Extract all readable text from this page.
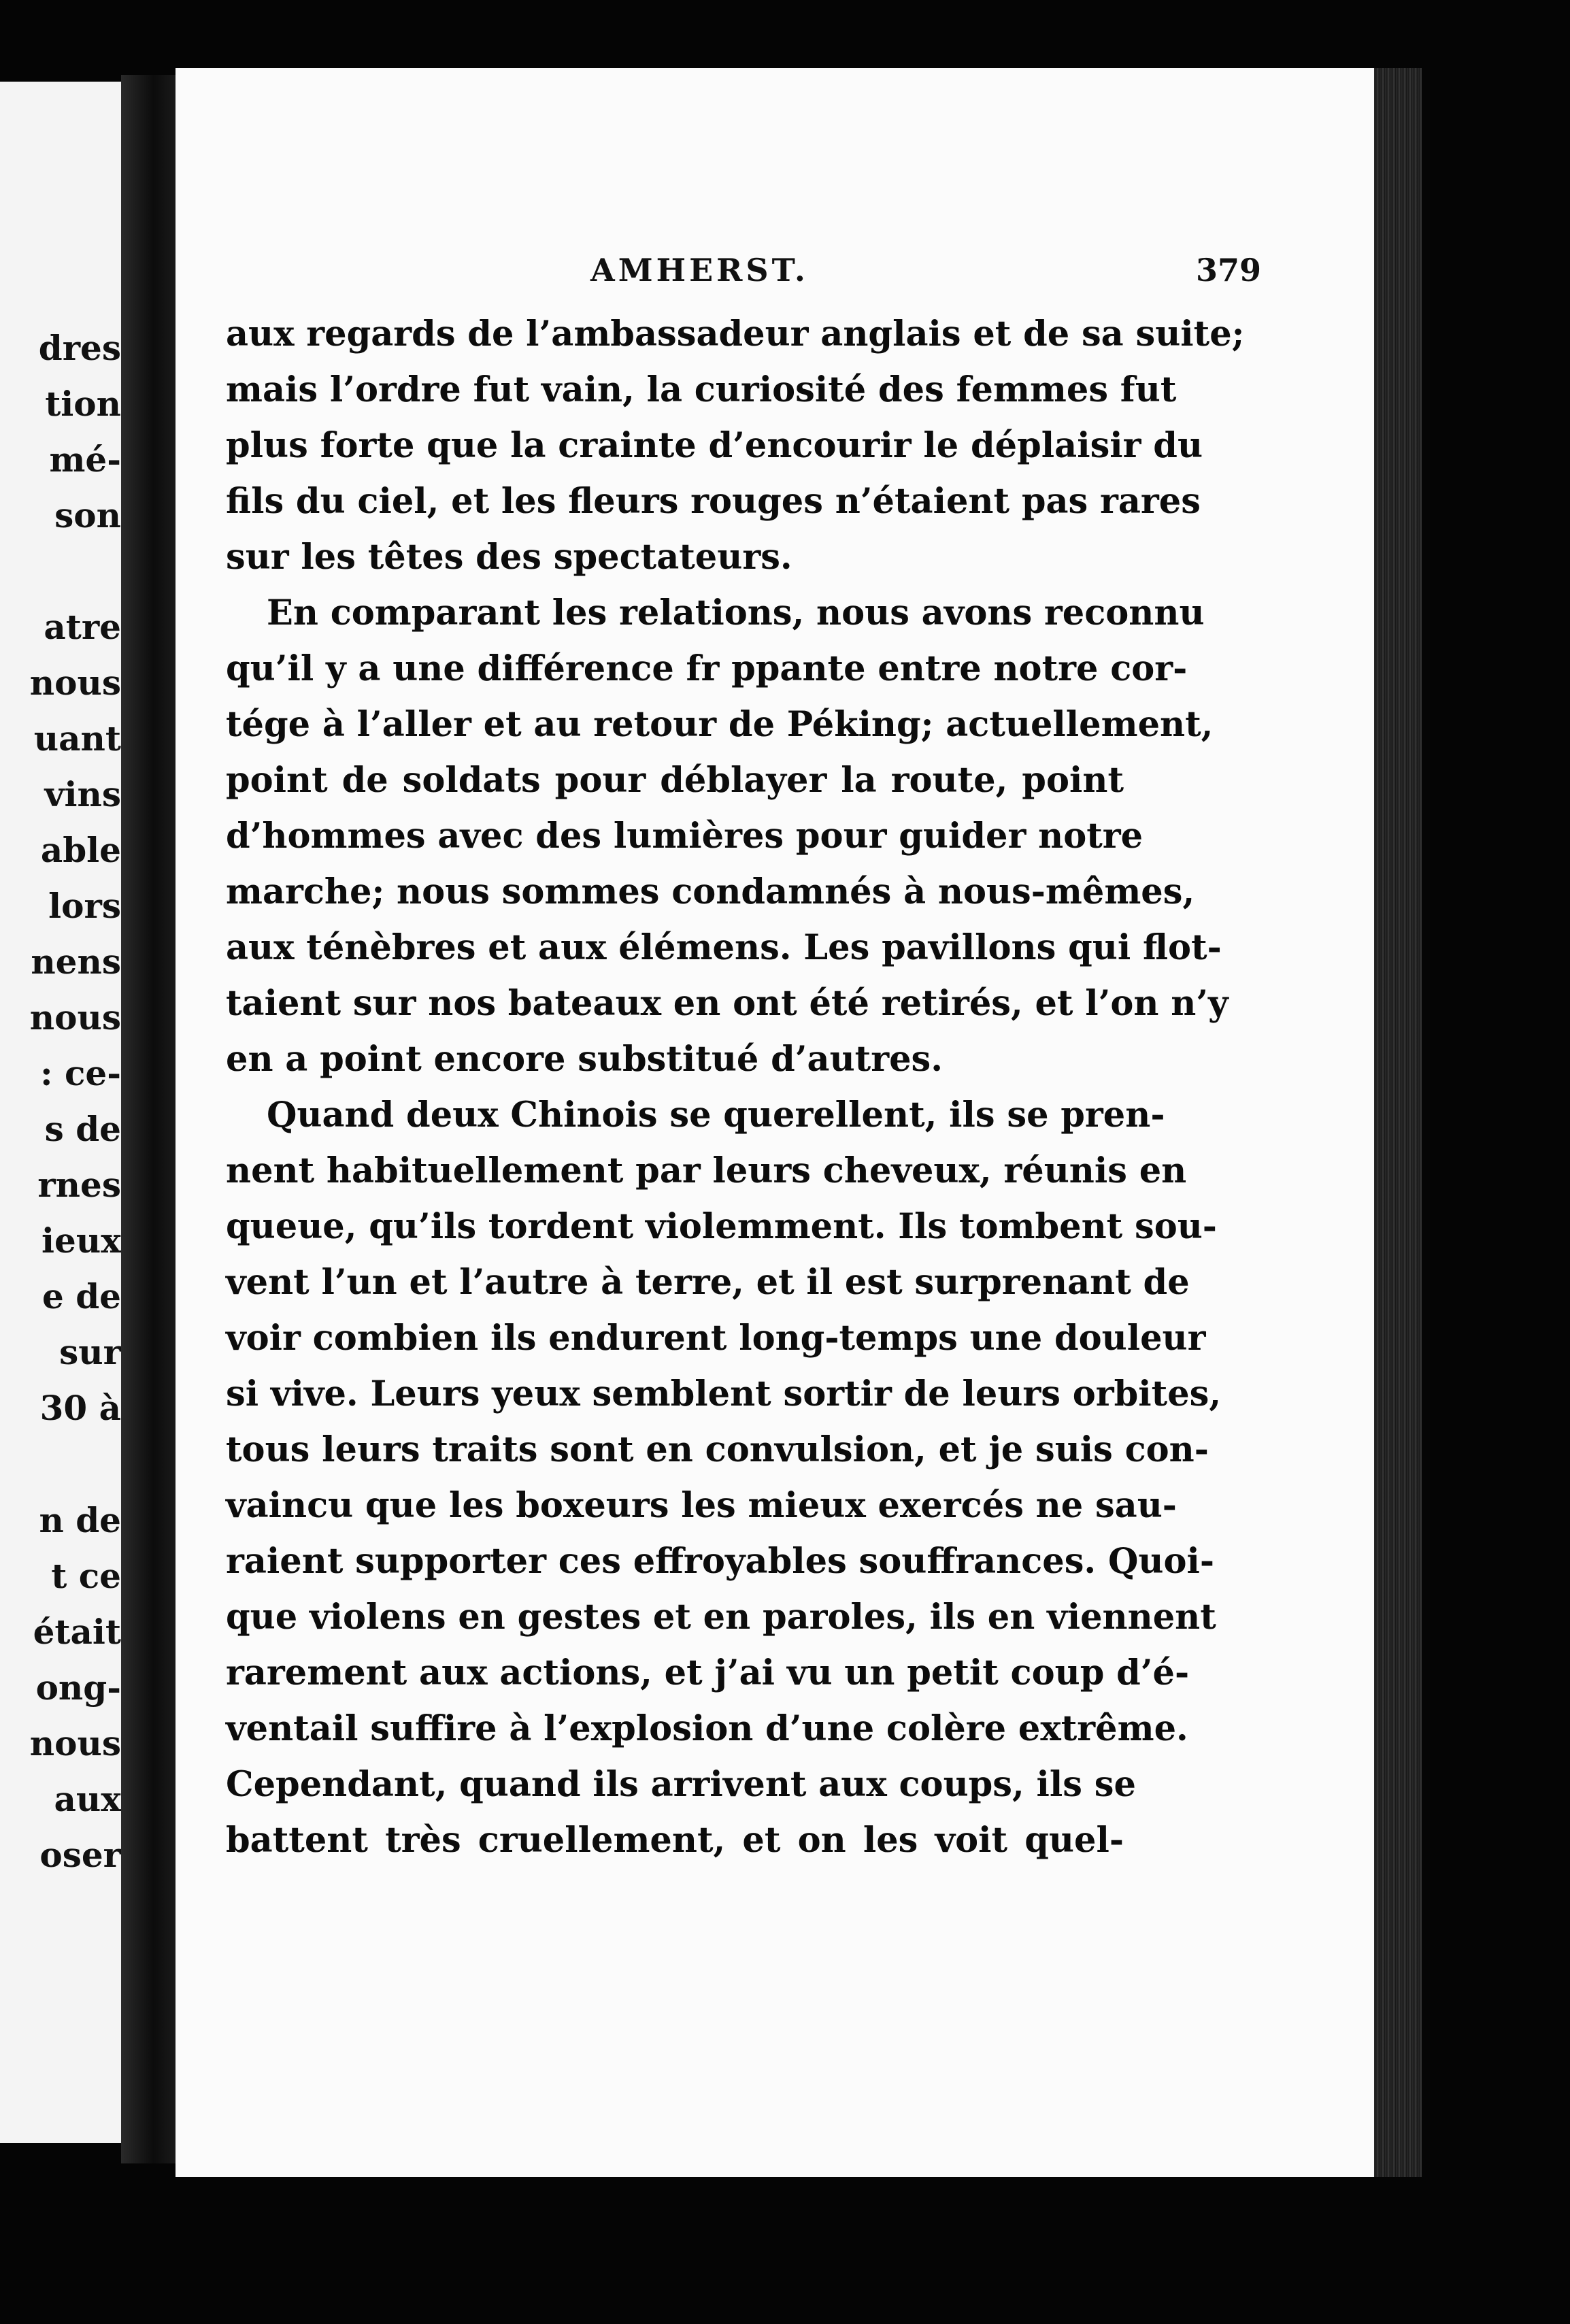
dres
tion
mé-
son
atre
nous
uant
vins
able
lors
nens
nous
: ce-
s de
rnes
ieux
e de
sur
30 à
n de
t ce
était
ong-
nous
aux
oser
AMHERST.	379
aux regards de l’ambassadeur anglais et de sa suite;
mais l’ordre fut vain, la curiosité des femmes fut
plus forte que la crainte d’encourir le déplaisir du
fils du ciel, et les fleurs rouges n’étaient pas rares
sur les têtes des spectateurs.
En comparant les relations, nous avons reconnu
qu’il y a une différence fr ppante entre notre cor-
tége à l’aller et au retour de Péking; actuellement,
point de soldats pour déblayer la route, point
d’hommes avec des lumières pour guider notre
marche; nous sommes condamnés à nous-mêmes,
aux ténèbres et aux élémens. Les pavillons qui flot-
taient sur nos bateaux en ont été retirés, et l’on n’y
en a point encore substitué d’autres.
Quand deux Chinois se querellent, ils se pren-
nent habituellement par leurs cheveux, réunis en
queue, qu’ils tordent violemment. Ils tombent sou-
vent l’un et l’autre à terre, et il est surprenant de
voir combien ils endurent long-temps une douleur
si vive. Leurs yeux semblent sortir de leurs orbites,
tous leurs traits sont en convulsion, et je suis con-
vaincu que les boxeurs les mieux exercés ne sau-
raient supporter ces effroyables souffrances. Quoi-
que violens en gestes et en paroles, ils en viennent
rarement aux actions, et j’ai vu un petit coup d’é-
ventail suffire à l’explosion d’une colère extrême.
Cependant, quand ils arrivent aux coups, ils se
battent très cruellement, et on les voit quel-
